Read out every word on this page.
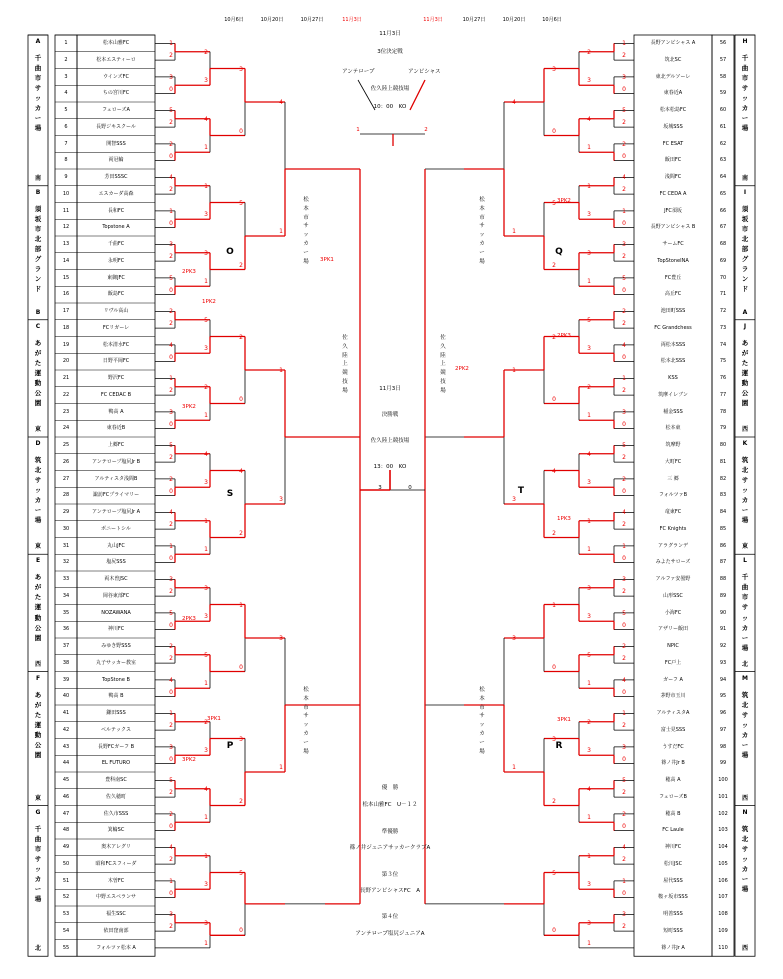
10月6日	10月20日	10月27日	11月3日	11月3日	10月27日	10月20日	10月6日
O
S
P
Q
T
R
松本市サッカー場
松本市サッカー場
佐久陸上競技場
佐久陸上競技場
松本市サッカー場
松本市サッカー場
11月3日
3位決定戦
アンテロープ	アンビシャス
佐久陸上競技場
10：00　KO
1	2
11月3日
決勝戦
佐久陸上競技場
13：00　KO
3	0
優　勝
松本山雅FC　U－１２
準優勝
篠ノ井ジュニアサッカークラブA
第３位
長野アンビシャスFC　A
第４位
アンテロープ塩尻ジュニアA
1	松本山雅FC
2	松本エスティーロ
3	ウインズFC
4	ちの宮川FC
5	フェローズA
6	長野ジキスクール
7	開智SSS
8	両冠輪
9	芳田SSSC
10	エスカーダ高森
11	長和FC
12	Topstone A
13	千曲FC
14	永明FC
15	東御JFC
16	飯島FC
17	リヴル高山
18	FCリガーレ
19	松本清水FC
20	日野平岡FC
21	野沢FC
22	FC CEDAC B
23	鴨高 A
24	東春近B
25	上郷FC
26	アンテロープ塩尻Jr B
27	アルティスタ浅間B
28	諏訪FCプライマリー
29	アンテロープ塩尻Jr A
30	ボニートシル
31	丸山JFC
32	塩尻SSS
33	両木曽JSC
34	岡谷東部FC
35	NOZAWANA
36	神川FC
37	みゆき野SSS
38	丸子サッカー教室
39	TopStone B
40	鴨高 B
41	鎌田SSS
42	ベルテックス
43	長野FCガーフ B
44	EL FUTURO
45	豊科南SC
46	佐久穂町
47	佐久市SSS
48	箕輪SC
49	奥木アレグリ
50	昭和FCスフィーダ
51	木曽FC
52	中野エスペランサ
53	福生SSC
54	依田窪南部
55	フォルツァ松本 A
A
千曲市サッカー場
南
B
須坂市北部グランド
B
C
あがた運動公園
東
D
筑北サッカー場
東
E
あがた運動公園
西
F
あがた運動公園
東
G
千曲市サッカー場
北
56
長野アンビシャス A
57
筑北SC
58
東北デルソーレ
59
東春近A
60
松本松島FC
61
坂城SSS
62
FC ESAT
63
飯田FC
64
浅間FC
65
FC CEDA A
66
JFC須坂
67
長野アンビシャス B
68
サームFC
69
TopStoneINA
70
FC豊丘
71
高丘FC
72
池田町SSS
73
FC Grandchess
74
両松本SSS
75
松本北SSS
76
KSS
77
筑摩イレブン
78
稲金SSS
79
松本東
80
筑摩野
81
大町FC
82
三 郷
83
フォルツァB
84
竜東FC
85
FC Knights
86
アラグランデ
87
みよたサローズ
88
アルファ安曇野
89
山形SSC
90
小海FC
91
アザリー飯田
92
NPIC
93
FC戸上
94
ガーフ A
95
茅野市玉川
96
アルティスタA
97
富士見SSS
98
うすだFC
99
篠ノ井Jr B
100
穂高 A
101
フェローズB
102
穂高 B
103
FC Laule
104
神川FC
105
松川JSC
106
屋代SSS
107
鞍ヶ坂市SSS
108
明善SSS
109
短町SSS
110
篠ノ井Jr A
H
千曲市サッカー場
南
I
須坂市北部グランド
A
J
あがた運動公園
西
K
筑北サッカー場
東
L
千曲市サッカー場
北
M
筑北サッカー場
西
N
筑北サッカー場
西
1
2
3
0
5
2
2
0
4
2
1
0
3
2
5
0
2
2
4
0
1
2
3
0
5
2
2
0
4
2
1
0
3
2
5
0
2
2
4
0
1
2
3
0
5
2
2
0
4
2
1
0
3
2
2
3
4
1
1
3
3
1
5
3
2
1
4
3
1
1
3
3
5
1
2
3
4
1
1
3
3
1
3
0
5
2
2
0
4
2
1
0
3
2
5
0
4
1
1
3
3
1
1
2
3
0
5
2
2
0
4
2
1
0
3
2
5
0
2
2
4
0
1
2
3
0
5
2
2
0
4
2
1
0
3
2
5
0
2
2
4
0
1
2
3
0
5
2
2
0
4
2
1
0
3
2
2
3
4
1
1
3
3
1
5
3
2
1
4
3
1
1
3
3
5
1
2
3
4
1
1
3
3
1
3
0
5
2
2
0
4
2
1
0
3
2
5
0
4
1
1
3
3
1
2PK3
3PK2
2PK3
3PK1
3PK2
3PK2
2PK3
1PK3
3PK1
3PK1
2PK2
1PK2
